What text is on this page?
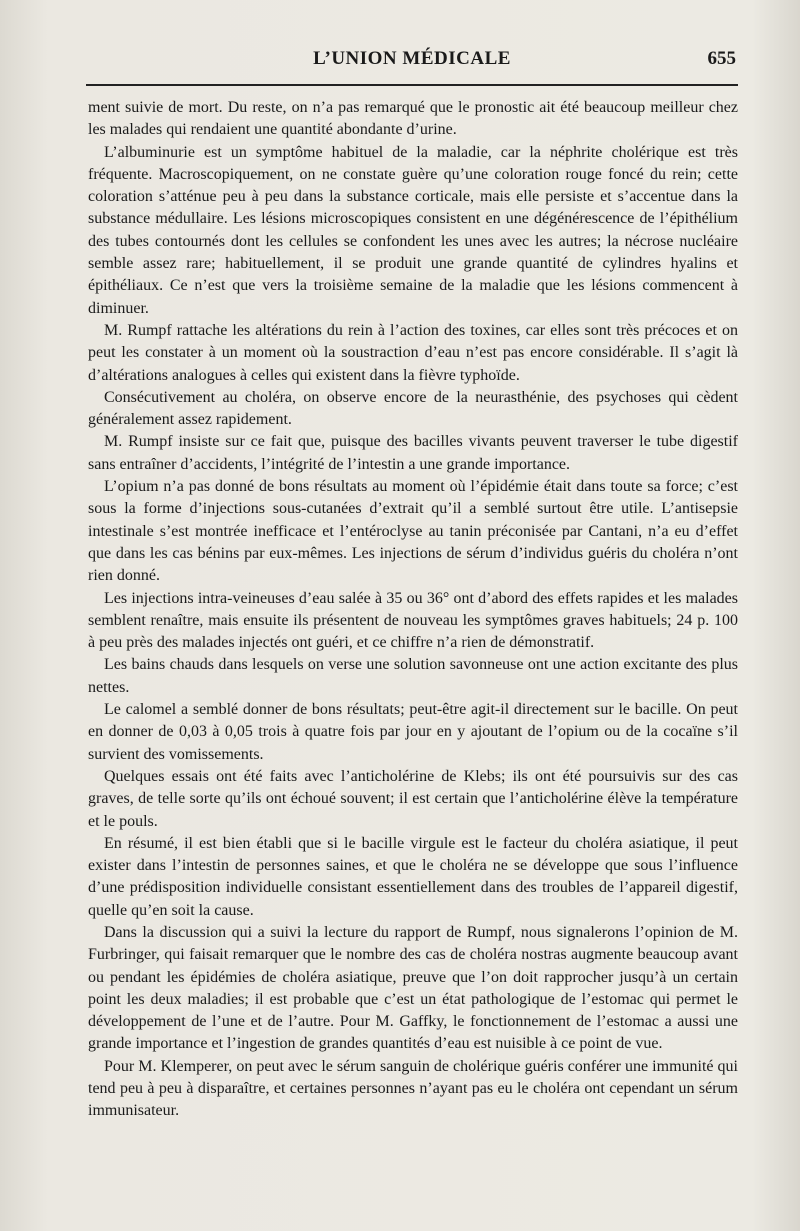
L’UNION MÉDICALE	655

ment suivie de mort. Du reste, on n’a pas remarqué que le pronostic ait été beaucoup meilleur chez les malades qui rendaient une quantité abondante d’urine.

L’albuminurie est un symptôme habituel de la maladie, car la néphrite cholérique est très fréquente. Macroscopiquement, on ne constate guère qu’une coloration rouge foncé du rein; cette coloration s’atténue peu à peu dans la substance corticale, mais elle persiste et s’accentue dans la substance médullaire. Les lésions microscopiques consistent en une dégénérescence de l’épithélium des tubes contournés dont les cellules se confondent les unes avec les autres; la nécrose nucléaire semble assez rare; habituellement, il se produit une grande quantité de cylindres hyalins et épithéliaux. Ce n’est que vers la troisième semaine de la maladie que les lésions commencent à diminuer.

M. Rumpf rattache les altérations du rein à l’action des toxines, car elles sont très précoces et on peut les constater à un moment où la soustraction d’eau n’est pas encore considérable. Il s’agit là d’altérations analogues à celles qui existent dans la fièvre typhoïde.

Consécutivement au choléra, on observe encore de la neurasthénie, des psychoses qui cèdent généralement assez rapidement.

M. Rumpf insiste sur ce fait que, puisque des bacilles vivants peuvent traverser le tube digestif sans entraîner d’accidents, l’intégrité de l’intestin a une grande importance.

L’opium n’a pas donné de bons résultats au moment où l’épidémie était dans toute sa force; c’est sous la forme d’injections sous-cutanées d’extrait qu’il a semblé surtout être utile. L’antisepsie intestinale s’est montrée inefficace et l’entéroclyse au tanin préconisée par Cantani, n’a eu d’effet que dans les cas bénins par eux-mêmes. Les injections de sérum d’individus guéris du choléra n’ont rien donné.

Les injections intra-veineuses d’eau salée à 35 ou 36° ont d’abord des effets rapides et les malades semblent renaître, mais ensuite ils présentent de nouveau les symptômes graves habituels; 24 p. 100 à peu près des malades injectés ont guéri, et ce chiffre n’a rien de démonstratif.

Les bains chauds dans lesquels on verse une solution savonneuse ont une action excitante des plus nettes.

Le calomel a semblé donner de bons résultats; peut-être agit-il directement sur le bacille. On peut en donner de 0,03 à 0,05 trois à quatre fois par jour en y ajoutant de l’opium ou de la cocaïne s’il survient des vomissements.

Quelques essais ont été faits avec l’anticholérine de Klebs; ils ont été poursuivis sur des cas graves, de telle sorte qu’ils ont échoué souvent; il est certain que l’anticholérine élève la température et le pouls.

En résumé, il est bien établi que si le bacille virgule est le facteur du choléra asiatique, il peut exister dans l’intestin de personnes saines, et que le choléra ne se développe que sous l’influence d’une prédisposition individuelle consistant essentiellement dans des troubles de l’appareil digestif, quelle qu’en soit la cause.

Dans la discussion qui a suivi la lecture du rapport de Rumpf, nous signalerons l’opinion de M. Furbringer, qui faisait remarquer que le nombre des cas de choléra nostras augmente beaucoup avant ou pendant les épidémies de choléra asiatique, preuve que l’on doit rapprocher jusqu’à un certain point les deux maladies; il est probable que c’est un état pathologique de l’estomac qui permet le développement de l’une et de l’autre. Pour M. Gaffky, le fonctionnement de l’estomac a aussi une grande importance et l’ingestion de grandes quantités d’eau est nuisible à ce point de vue.

Pour M. Klemperer, on peut avec le sérum sanguin de cholérique guéris conférer une immunité qui tend peu à peu à disparaître, et certaines personnes n’ayant pas eu le choléra ont cependant un sérum immunisateur.
